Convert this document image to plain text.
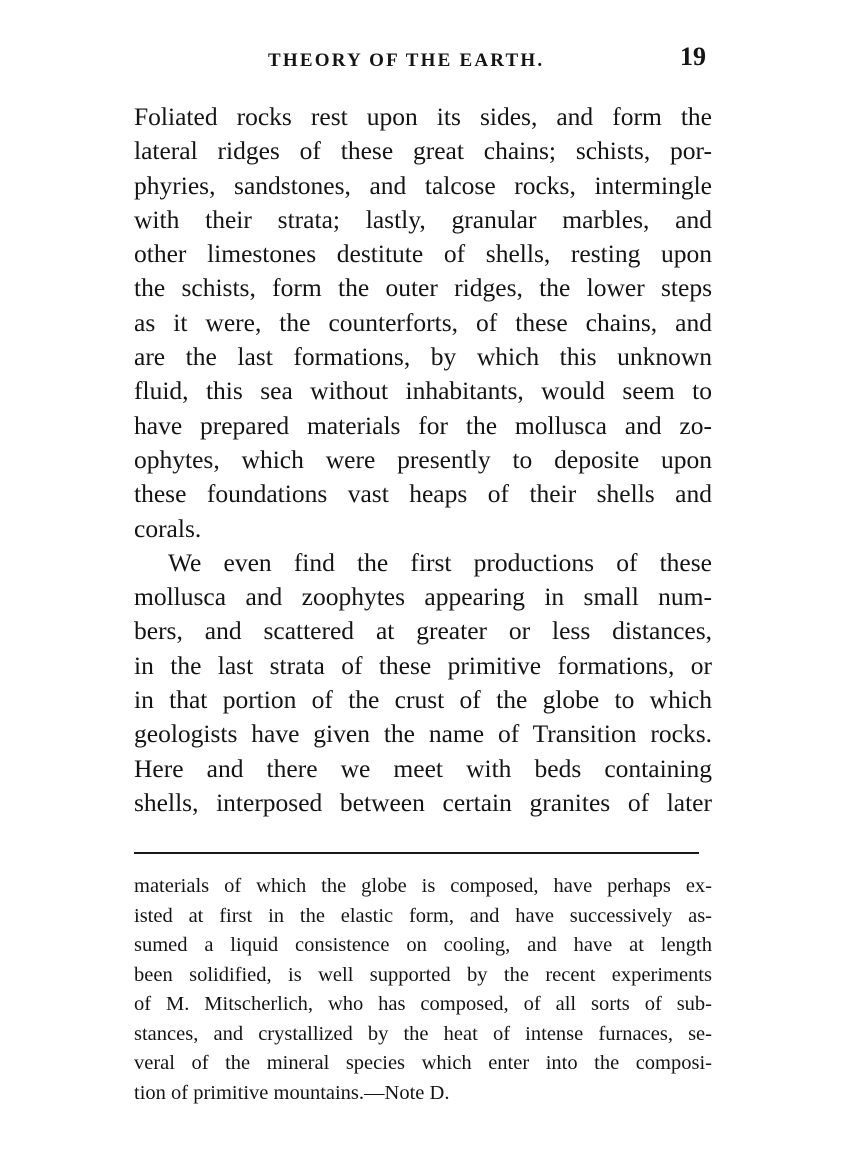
THEORY OF THE EARTH.	19
Foliated rocks rest upon its sides, and form the
lateral ridges of these great chains; schists, por-
phyries, sandstones, and talcose rocks, intermingle
with their strata; lastly, granular marbles, and
other limestones destitute of shells, resting upon
the schists, form the outer ridges, the lower steps
as it were, the counterforts, of these chains, and
are the last formations, by which this unknown
fluid, this sea without inhabitants, would seem to
have prepared materials for the mollusca and zo-
ophytes, which were presently to deposite upon
these foundations vast heaps of their shells and
corals.
We even find the first productions of these
mollusca and zoophytes appearing in small num-
bers, and scattered at greater or less distances,
in the last strata of these primitive formations, or
in that portion of the crust of the globe to which
geologists have given the name of Transition rocks.
Here and there we meet with beds containing
shells, interposed between certain granites of later
materials of which the globe is composed, have perhaps ex-
isted at first in the elastic form, and have successively as-
sumed a liquid consistence on cooling, and have at length
been solidified, is well supported by the recent experiments
of M. Mitscherlich, who has composed, of all sorts of sub-
stances, and crystallized by the heat of intense furnaces, se-
veral of the mineral species which enter into the composi-
tion of primitive mountains.—Note D.
